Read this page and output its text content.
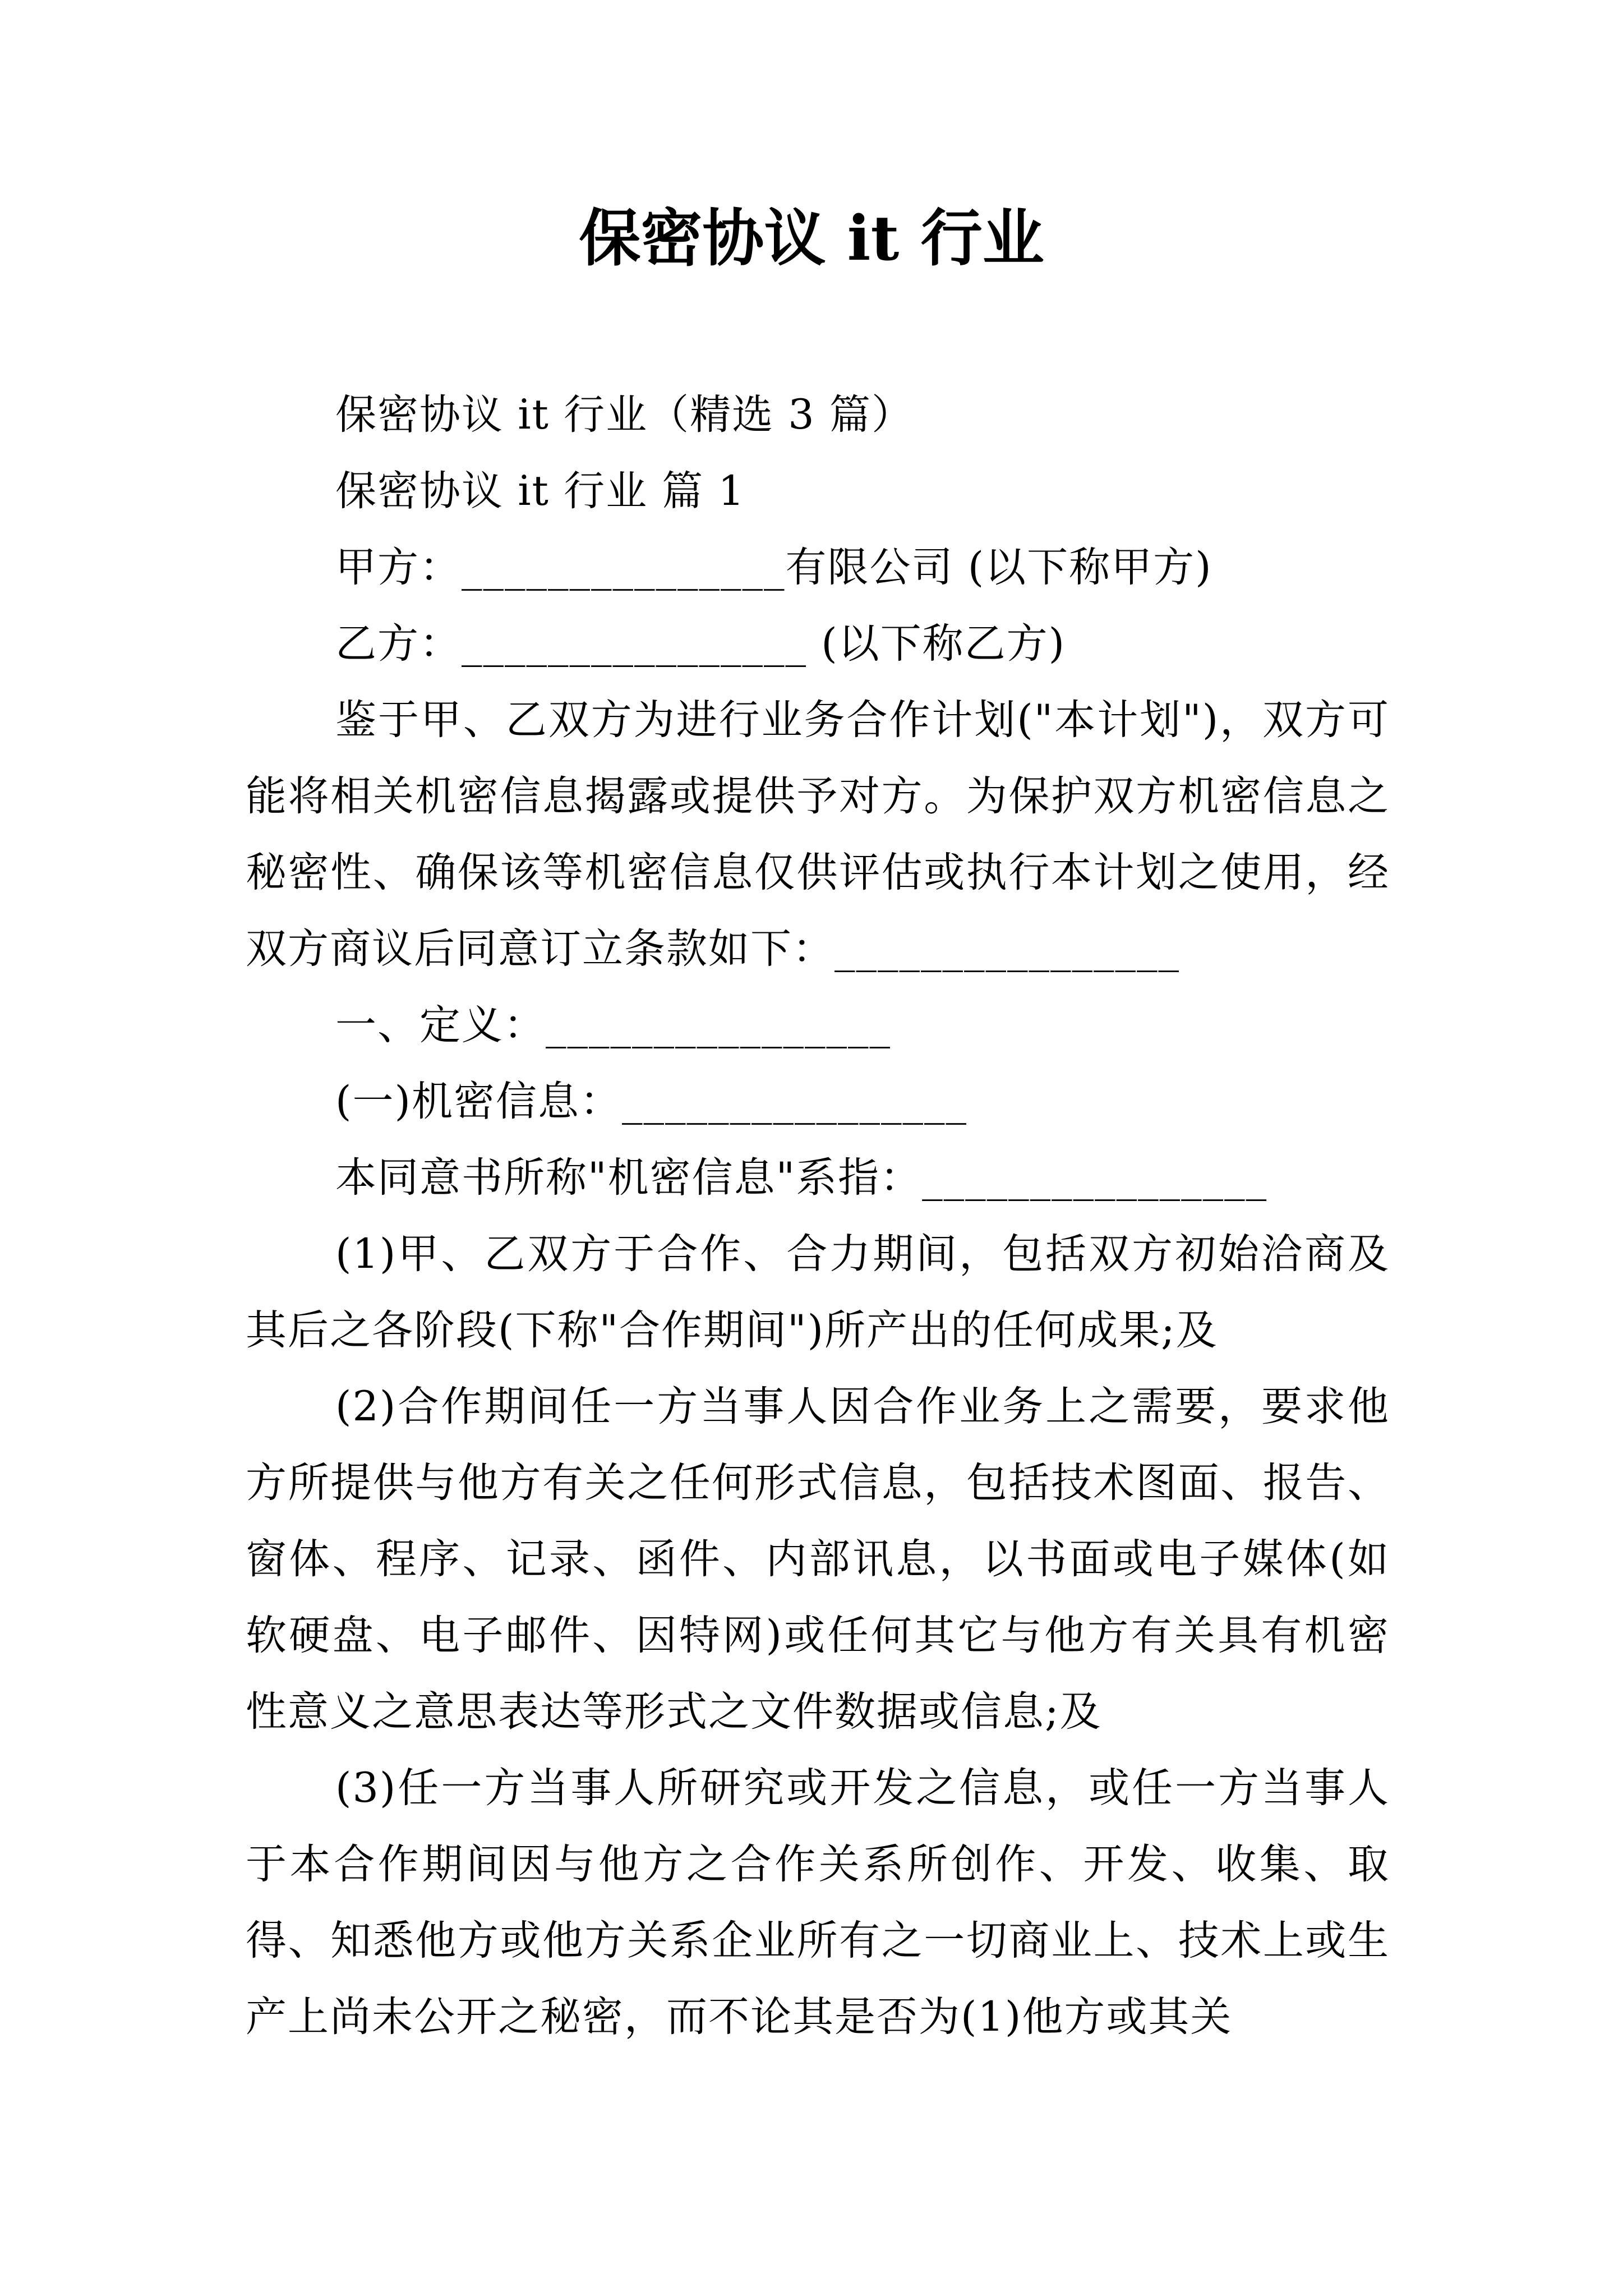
保密协议 it 行业

保密协议 it 行业（精选 3 篇）

保密协议 it 行业 篇 1

甲方：_______________有限公司 (以下称甲方)

乙方：________________ (以下称乙方)

鉴于甲、乙双方为进行业务合作计划("本计划")，双方可能将相关机密信息揭露或提供予对方。为保护双方机密信息之秘密性、确保该等机密信息仅供评估或执行本计划之使用，经双方商议后同意订立条款如下：________________

一、定义：________________

(一)机密信息：________________

本同意书所称"机密信息"系指：________________

(1)甲、乙双方于合作、合力期间，包括双方初始洽商及其后之各阶段(下称"合作期间")所产出的任何成果;及

(2)合作期间任一方当事人因合作业务上之需要，要求他方所提供与他方有关之任何形式信息，包括技术图面、报告、窗体、程序、记录、函件、内部讯息，以书面或电子媒体(如软硬盘、电子邮件、因特网)或任何其它与他方有关具有机密性意义之意思表达等形式之文件数据或信息;及

(3)任一方当事人所研究或开发之信息，或任一方当事人于本合作期间因与他方之合作关系所创作、开发、收集、取得、知悉他方或他方关系企业所有之一切商业上、技术上或生产上尚未公开之秘密，而不论其是否为(1)他方或其关
